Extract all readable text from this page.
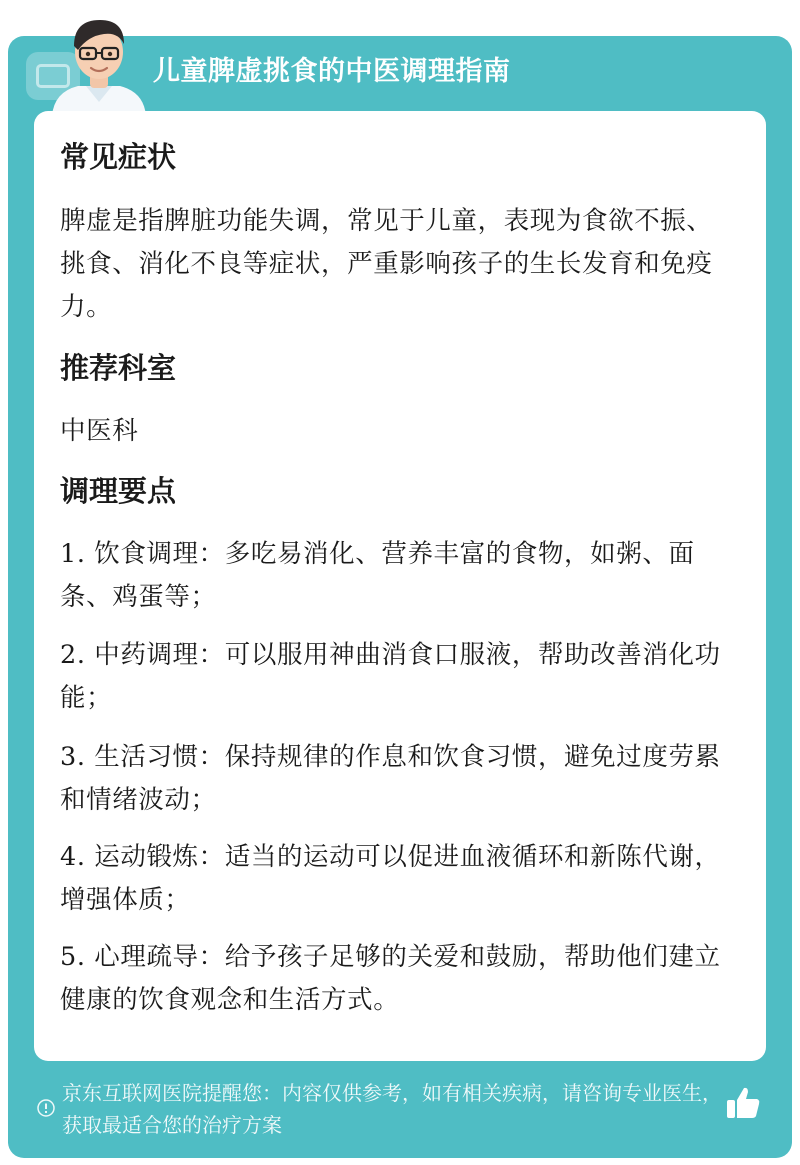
儿童脾虚挑食的中医调理指南
常见症状
脾虚是指脾脏功能失调，常见于儿童，表现为食欲不振、挑食、消化不良等症状，严重影响孩子的生长发育和免疫力。
推荐科室
中医科
调理要点
1. 饮食调理：多吃易消化、营养丰富的食物，如粥、面条、鸡蛋等；
2. 中药调理：可以服用神曲消食口服液，帮助改善消化功能；
3. 生活习惯：保持规律的作息和饮食习惯，避免过度劳累和情绪波动；
4. 运动锻炼：适当的运动可以促进血液循环和新陈代谢，增强体质；
5. 心理疏导：给予孩子足够的关爱和鼓励，帮助他们建立健康的饮食观念和生活方式。
京东互联网医院提醒您：内容仅供参考，如有相关疾病，请咨询专业医生，获取最适合您的治疗方案
